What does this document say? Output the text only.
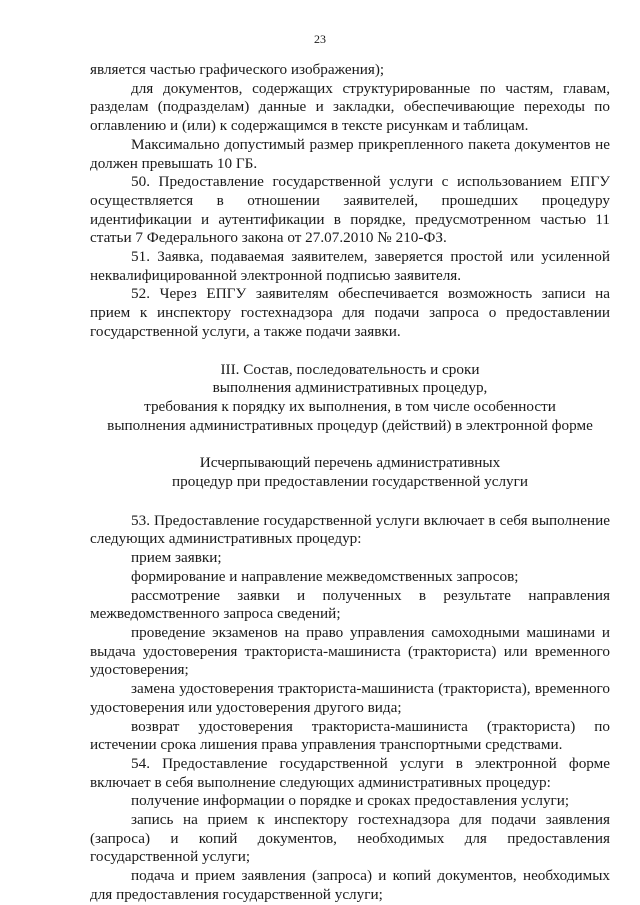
23

является частью графического изображения);

для документов, содержащих структурированные по частям, главам, разделам (подразделам) данные и закладки, обеспечивающие переходы по оглавлению и (или) к содержащимся в тексте рисункам и таблицам.

Максимально допустимый размер прикрепленного пакета документов не должен превышать 10 ГБ.

50. Предоставление государственной услуги с использованием ЕПГУ осуществляется в отношении заявителей, прошедших процедуру идентификации и аутентификации в порядке, предусмотренном частью 11 статьи 7 Федерального закона от 27.07.2010 № 210-ФЗ.

51. Заявка, подаваемая заявителем, заверяется простой или усиленной неквалифицированной электронной подписью заявителя.

52. Через ЕПГУ заявителям обеспечивается возможность записи на прием к инспектору гостехнадзора для подачи запроса о предоставлении государственной услуги, а также подачи заявки.

III. Состав, последовательность и сроки

выполнения административных процедур,

требования к порядку их выполнения, в том числе особенности

выполнения административных процедур (действий) в электронной форме

Исчерпывающий перечень административных

процедур при предоставлении государственной услуги

53. Предоставление государственной услуги включает в себя выполнение следующих административных процедур:

прием заявки;

формирование и направление межведомственных запросов;

рассмотрение заявки и полученных в результате направления межведомственного запроса сведений;

проведение экзаменов на право управления самоходными машинами и выдача удостоверения тракториста-машиниста (тракториста) или временного удостоверения;

замена удостоверения тракториста-машиниста (тракториста), временного удостоверения или удостоверения другого вида;

возврат удостоверения тракториста-машиниста (тракториста) по истечении срока лишения права управления транспортными средствами.

54. Предоставление государственной услуги в электронной форме включает в себя выполнение следующих административных процедур:

получение информации о порядке и сроках предоставления услуги;

запись на прием к инспектору гостехнадзора для подачи заявления (запроса) и копий документов, необходимых для предоставления государственной услуги;

подача и прием заявления (запроса) и копий документов, необходимых для предоставления государственной услуги;
